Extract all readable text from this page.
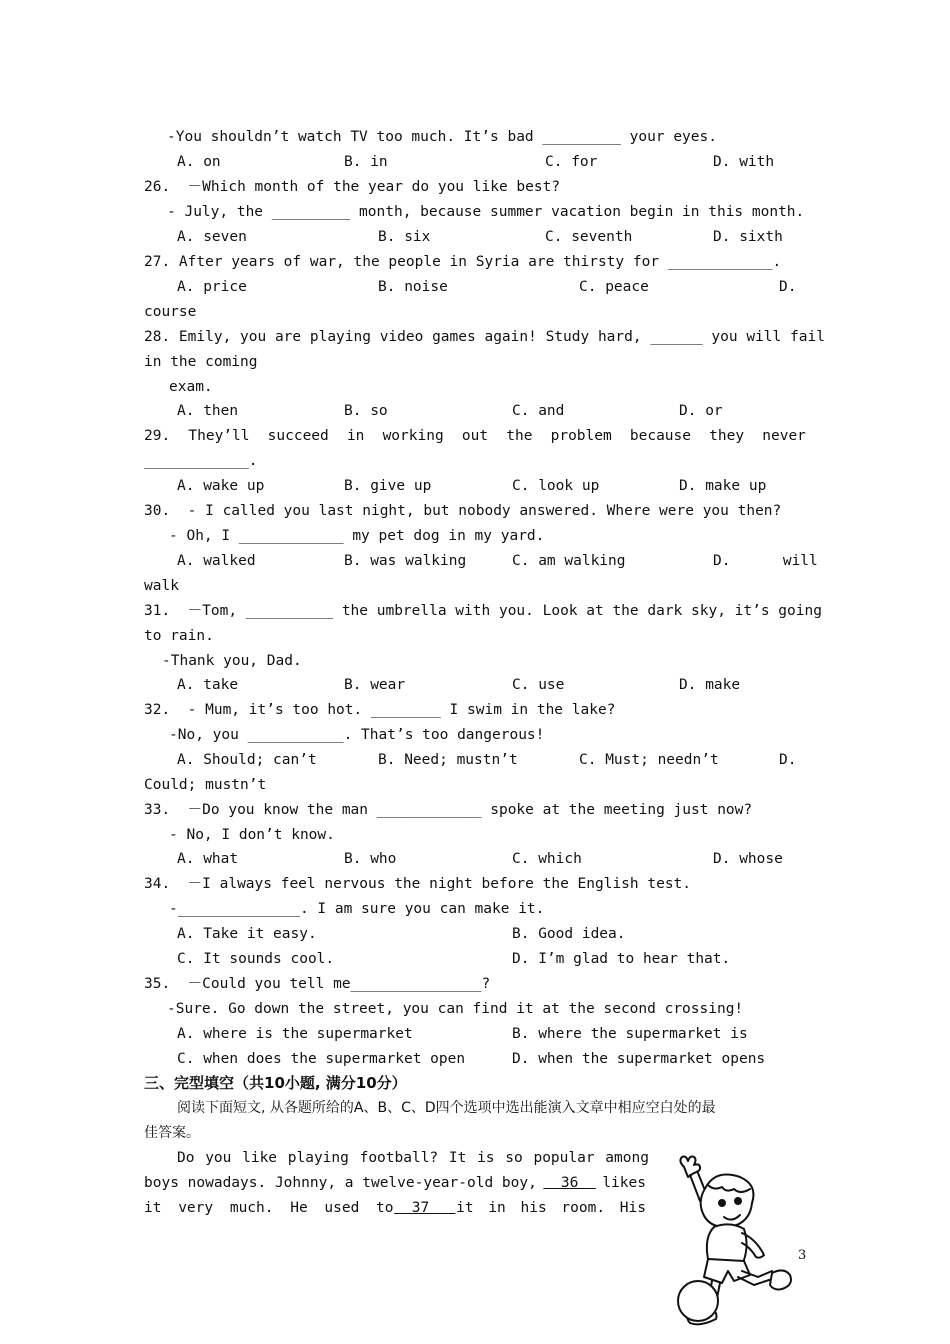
-You shouldn’t watch TV too much. It’s bad _________ your eyes.
A. on	B. in	C. for	D. with
26.  －Which month of the year do you like best?
- July, the _________ month, because summer vacation begin in this month.
A. seven	B. six	C. seventh	D. sixth
27. After years of war, the people in Syria are thirsty for ____________.
A. price	B. noise	C. peace	D.
course
28. Emily, you are playing video games again! Study hard, ______ you will fail
in the coming
exam.
A. then	B. so	C. and	D. or
29. They’ll succeed in working out the problem because they never
____________.
A. wake up	B. give up	C. look up	D. make up
30.  - I called you last night, but nobody answered. Where were you then?
- Oh, I ____________ my pet dog in my yard.
A. walked	B. was walking	C. am walking	D.      will
walk
31.  －Tom, __________ the umbrella with you. Look at the dark sky, it’s going
to rain.
-Thank you, Dad.
A. take	B. wear	C. use	D. make
32.  - Mum, it’s too hot. ________ I swim in the lake?
-No, you ___________. That’s too dangerous!
A. Should; can’t	B. Need; mustn’t	C. Must; needn’t	D.
Could; mustn’t
33.  －Do you know the man ____________ spoke at the meeting just now?
- No, I don’t know.
A. what	B. who	C. which	D. whose
34.  －I always feel nervous the night before the English test.
-______________. I am sure you can make it.
A. Take it easy.	B. Good idea.
C. It sounds cool.	D. I’m glad to hear that.
35.  －Could you tell me_______________?
-Sure. Go down the street, you can find it at the second crossing!
A. where is the supermarket	B. where the supermarket is
C. when does the supermarket open	D. when the supermarket opens
三、完型填空（共10小题, 满分10分）
阅读下面短文, 从各题所给的A、B、C、D四个选项中选出能演入文章中相应空白处的最
佳答案。
Do you like playing football? It is so popular among
boys nowadays. Johnny, a twelve-year-old boy, 36 likes
it very much. He used to 37 it in his room. His
3
